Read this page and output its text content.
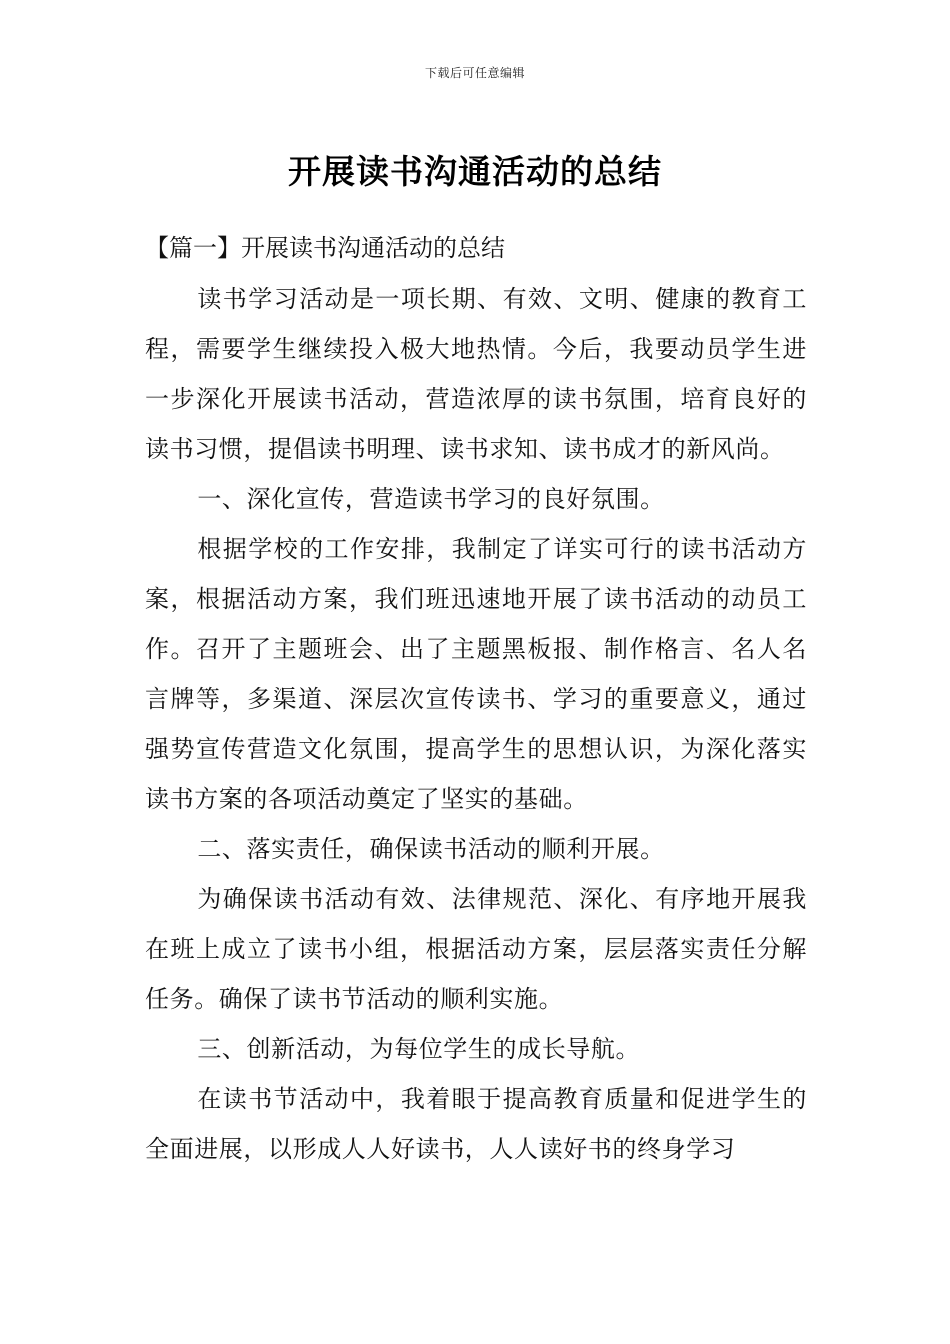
下载后可任意编辑
开展读书沟通活动的总结

【篇一】开展读书沟通活动的总结

读书学习活动是一项长期、有效、文明、健康的教育工程，需要学生继续投入极大地热情。今后，我要动员学生进一步深化开展读书活动，营造浓厚的读书氛围，培育良好的读书习惯，提倡读书明理、读书求知、读书成才的新风尚。

一、深化宣传，营造读书学习的良好氛围。

根据学校的工作安排，我制定了详实可行的读书活动方案，根据活动方案，我们班迅速地开展了读书活动的动员工作。召开了主题班会、出了主题黑板报、制作格言、名人名言牌等，多渠道、深层次宣传读书、学习的重要意义，通过强势宣传营造文化氛围，提高学生的思想认识，为深化落实读书方案的各项活动奠定了坚实的基础。

二、落实责任，确保读书活动的顺利开展。

为确保读书活动有效、法律规范、深化、有序地开展我在班上成立了读书小组，根据活动方案，层层落实责任分解任务。确保了读书节活动的顺利实施。

三、创新活动，为每位学生的成长导航。

在读书节活动中，我着眼于提高教育质量和促进学生的全面进展，以形成人人好读书，人人读好书的终身学习
